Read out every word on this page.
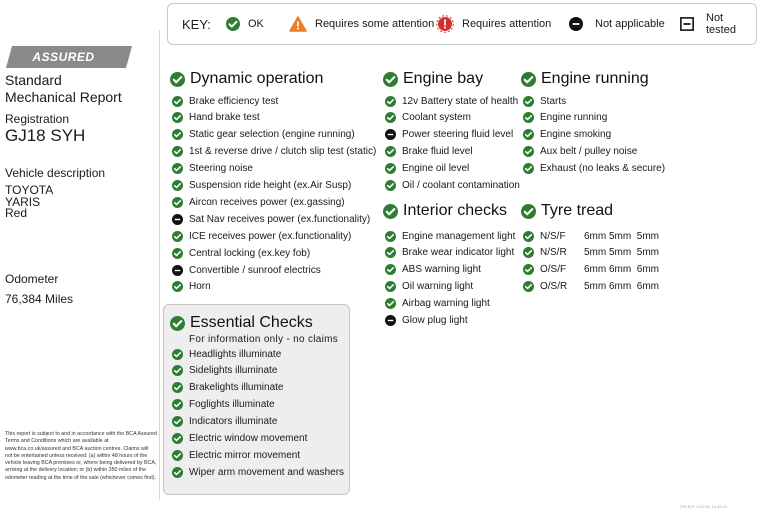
KEY:	OK	Requires some attention	Requires attention	Not applicable	Not tested
ASSURED
Standard
Mechanical Report
Registration
GJ18 SYH
Vehicle description
TOYOTA
YARIS
Red
Odometer
76,384 Miles
This report is subject to and in accordance with the BCA Assured Terms and Conditions which are available at www.bca.co.uk/assured and BCA auction centres. Claims will not be entertained unless received: (a) within 48 hours of the vehicle leaving BCA premises or, where being delivered by BCA, arriving at the delivery location; or (b) within 350 miles of the odometer reading at the time of the sale (whichever comes first).
335 B72 1232.02 10.46.01
For information only - no claims
Dynamic operation
Brake efficiency test
Hand brake test
Static gear selection (engine running)
1st & reverse drive / clutch slip test (static)
Steering noise
Suspension ride height (ex.Air Susp)
Aircon receives power (ex.gassing)
Sat Nav receives power (ex.functionality)
ICE receives power (ex.functionality)
Central locking (ex.key fob)
Convertible / sunroof electrics
Horn
Essential Checks
Headlights illuminate
Sidelights illuminate
Brakelights illuminate
Foglights illuminate
Indicators illuminate
Electric window movement
Electric mirror movement
Wiper arm movement and washers
Engine bay
12v Battery state of health
Coolant system
Power steering fluid level
Brake fluid level
Engine oil level
Oil / coolant contamination
Interior checks
Engine management light
Brake wear indicator light
ABS warning light
Oil warning light
Airbag warning light
Glow plug light
Engine running
Starts
Engine running
Engine smoking
Aux belt / pulley noise
Exhaust (no leaks & secure)
Tyre tread
N/S/F	6mm 5mm  5mm
N/S/R	5mm 5mm  5mm
O/S/F	6mm 6mm  6mm
O/S/R	5mm 6mm  6mm
